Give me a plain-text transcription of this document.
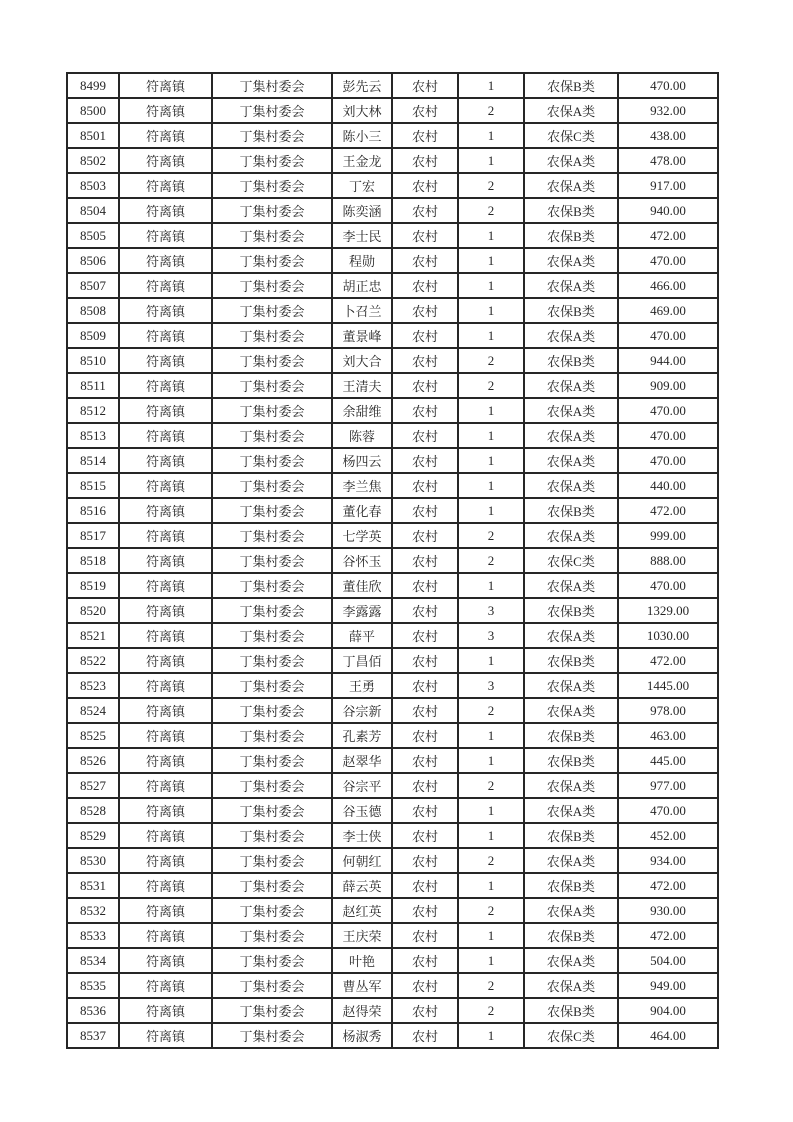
8499	符离镇	丁集村委会	彭先云	农村	1	农保B类	470.00
8500	符离镇	丁集村委会	刘大林	农村	2	农保A类	932.00
8501	符离镇	丁集村委会	陈小三	农村	1	农保C类	438.00
8502	符离镇	丁集村委会	王金龙	农村	1	农保A类	478.00
8503	符离镇	丁集村委会	丁宏	农村	2	农保A类	917.00
8504	符离镇	丁集村委会	陈奕涵	农村	2	农保B类	940.00
8505	符离镇	丁集村委会	李士民	农村	1	农保B类	472.00
8506	符离镇	丁集村委会	程勋	农村	1	农保A类	470.00
8507	符离镇	丁集村委会	胡正忠	农村	1	农保A类	466.00
8508	符离镇	丁集村委会	卜召兰	农村	1	农保B类	469.00
8509	符离镇	丁集村委会	董景峰	农村	1	农保A类	470.00
8510	符离镇	丁集村委会	刘大合	农村	2	农保B类	944.00
8511	符离镇	丁集村委会	王清夫	农村	2	农保A类	909.00
8512	符离镇	丁集村委会	余甜维	农村	1	农保A类	470.00
8513	符离镇	丁集村委会	陈蓉	农村	1	农保A类	470.00
8514	符离镇	丁集村委会	杨四云	农村	1	农保A类	470.00
8515	符离镇	丁集村委会	李兰焦	农村	1	农保A类	440.00
8516	符离镇	丁集村委会	董化春	农村	1	农保B类	472.00
8517	符离镇	丁集村委会	七学英	农村	2	农保A类	999.00
8518	符离镇	丁集村委会	谷怀玉	农村	2	农保C类	888.00
8519	符离镇	丁集村委会	董佳欣	农村	1	农保A类	470.00
8520	符离镇	丁集村委会	李露露	农村	3	农保B类	1329.00
8521	符离镇	丁集村委会	薛平	农村	3	农保A类	1030.00
8522	符离镇	丁集村委会	丁昌佰	农村	1	农保B类	472.00
8523	符离镇	丁集村委会	王勇	农村	3	农保A类	1445.00
8524	符离镇	丁集村委会	谷宗新	农村	2	农保A类	978.00
8525	符离镇	丁集村委会	孔素芳	农村	1	农保B类	463.00
8526	符离镇	丁集村委会	赵翠华	农村	1	农保B类	445.00
8527	符离镇	丁集村委会	谷宗平	农村	2	农保A类	977.00
8528	符离镇	丁集村委会	谷玉德	农村	1	农保A类	470.00
8529	符离镇	丁集村委会	李士侠	农村	1	农保B类	452.00
8530	符离镇	丁集村委会	何朝红	农村	2	农保A类	934.00
8531	符离镇	丁集村委会	薛云英	农村	1	农保B类	472.00
8532	符离镇	丁集村委会	赵红英	农村	2	农保A类	930.00
8533	符离镇	丁集村委会	王庆荣	农村	1	农保B类	472.00
8534	符离镇	丁集村委会	叶艳	农村	1	农保A类	504.00
8535	符离镇	丁集村委会	曹丛军	农村	2	农保A类	949.00
8536	符离镇	丁集村委会	赵得荣	农村	2	农保B类	904.00
8537	符离镇	丁集村委会	杨淑秀	农村	1	农保C类	464.00
